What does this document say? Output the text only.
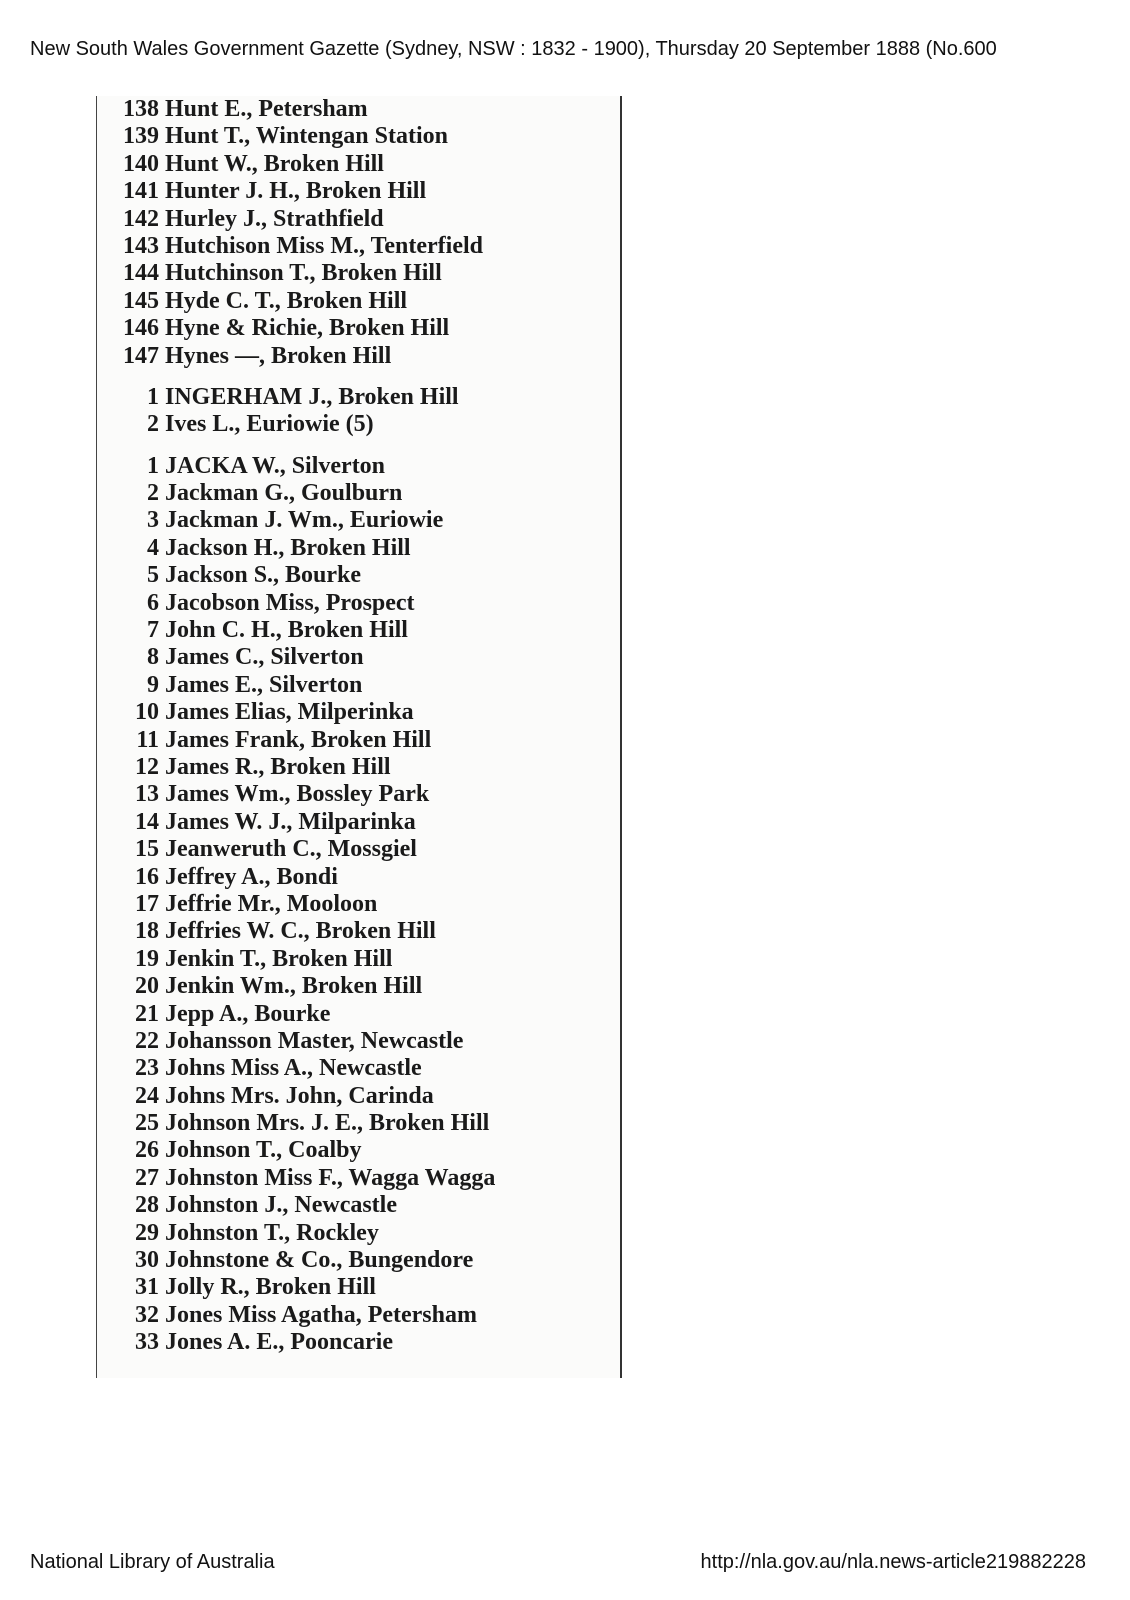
New South Wales Government Gazette (Sydney, NSW : 1832 - 1900), Thursday 20 September 1888 (No.600
138 Hunt E., Petersham
139 Hunt T., Wintengan Station
140 Hunt W., Broken Hill
141 Hunter J. H., Broken Hill
142 Hurley J., Strathfield
143 Hutchison Miss M., Tenterfield
144 Hutchinson T., Broken Hill
145 Hyde C. T., Broken Hill
146 Hyne & Richie, Broken Hill
147 Hynes —, Broken Hill
1 INGERHAM J., Broken Hill
2 Ives L., Euriowie (5)
1 JACKA W., Silverton
2 Jackman G., Goulburn
3 Jackman J. Wm., Euriowie
4 Jackson H., Broken Hill
5 Jackson S., Bourke
6 Jacobson Miss, Prospect
7 John C. H., Broken Hill
8 James C., Silverton
9 James E., Silverton
10 James Elias, Milperinka
11 James Frank, Broken Hill
12 James R., Broken Hill
13 James Wm., Bossley Park
14 James W. J., Milparinka
15 Jeanweruth C., Mossgiel
16 Jeffrey A., Bondi
17 Jeffrie Mr., Mooloon
18 Jeffries W. C., Broken Hill
19 Jenkin T., Broken Hill
20 Jenkin Wm., Broken Hill
21 Jepp A., Bourke
22 Johansson Master, Newcastle
23 Johns Miss A., Newcastle
24 Johns Mrs. John, Carinda
25 Johnson Mrs. J. E., Broken Hill
26 Johnson T., Coalby
27 Johnston Miss F., Wagga Wagga
28 Johnston J., Newcastle
29 Johnston T., Rockley
30 Johnstone & Co., Bungendore
31 Jolly R., Broken Hill
32 Jones Miss Agatha, Petersham
33 Jones A. E., Pooncarie
National Library of Australia	http://nla.gov.au/nla.news-article219882228
